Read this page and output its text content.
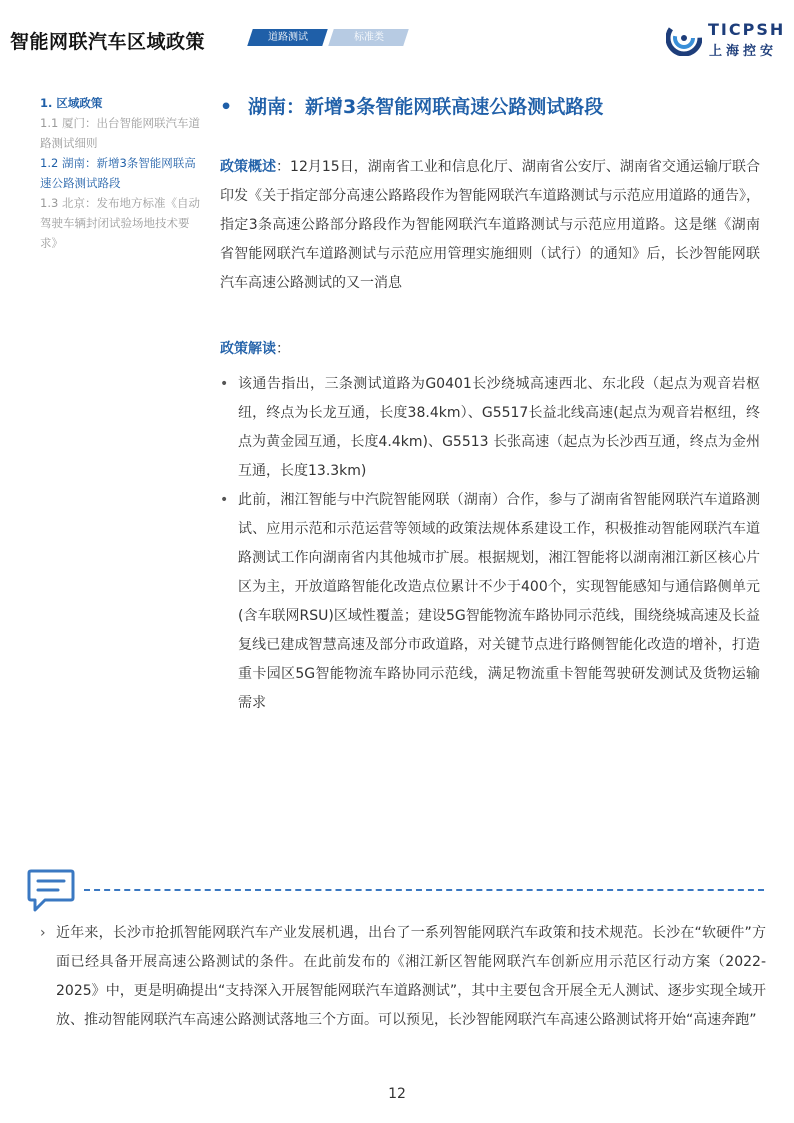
智能网联汽车区域政策	道路测试	标准类	TICPSH
上海控安
1. 区域政策
1.1 厦门：出台智能网联汽车道路测试细则
1.2 湖南：新增3条智能网联高速公路测试路段
1.3 北京：发布地方标准《自动驾驶车辆封闭试验场地技术要求》
• 湖南：新增3条智能网联高速公路测试路段
政策概述：12月15日，湖南省工业和信息化厅、湖南省公安厅、湖南省交通运输厅联合印发《关于指定部分高速公路路段作为智能网联汽车道路测试与示范应用道路的通告》，指定3条高速公路部分路段作为智能网联汽车道路测试与示范应用道路。这是继《湖南省智能网联汽车道路测试与示范应用管理实施细则（试行）的通知》后，长沙智能网联汽车高速公路测试的又一消息
政策解读：
• 该通告指出，三条测试道路为G0401长沙绕城高速西北、东北段（起点为观音岩枢纽，终点为长龙互通，长度38.4km）、G5517长益北线高速(起点为观音岩枢纽，终点为黄金园互通，长度4.4km)、G5513 长张高速（起点为长沙西互通，终点为金州互通，长度13.3km)
• 此前，湘江智能与中汽院智能网联（湖南）合作，参与了湖南省智能网联汽车道路测试、应用示范和示范运营等领域的政策法规体系建设工作，积极推动智能网联汽车道路测试工作向湖南省内其他城市扩展。根据规划，湘江智能将以湖南湘江新区核心片区为主，开放道路智能化改造点位累计不少于400个，实现智能感知与通信路侧单元(含车联网RSU)区域性覆盖；建设5G智能物流车路协同示范线，围绕绕城高速及长益复线已建成智慧高速及部分市政道路，对关键节点进行路侧智能化改造的增补，打造重卡园区5G智能物流车路协同示范线，满足物流重卡智能驾驶研发测试及货物运输需求
› 近年来，长沙市抢抓智能网联汽车产业发展机遇，出台了一系列智能网联汽车政策和技术规范。长沙在“软硬件”方面已经具备开展高速公路测试的条件。在此前发布的《湘江新区智能网联汽车创新应用示范区行动方案（2022-2025》中，更是明确提出“支持深入开展智能网联汽车道路测试”，其中主要包含开展全无人测试、逐步实现全域开放、推动智能网联汽车高速公路测试落地三个方面。可以预见，长沙智能网联汽车高速公路测试将开始“高速奔跑”
12
